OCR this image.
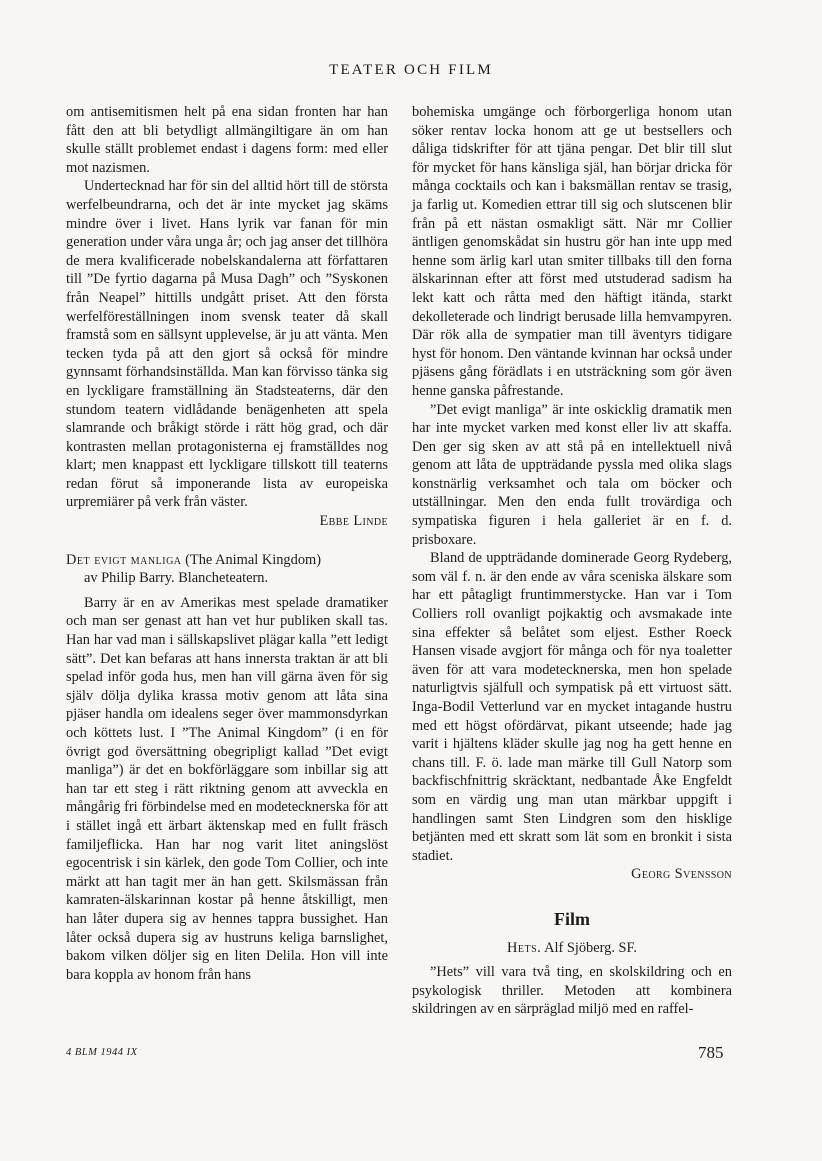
TEATER OCH FILM

om antisemitismen helt på ena sidan fronten har han fått den att bli betydligt allmängiltigare än om han skulle ställt problemet endast i dagens form: med eller mot nazismen.

Undertecknad har för sin del alltid hört till de största werfelbeundrarna, och det är inte mycket jag skäms mindre över i livet. Hans lyrik var fanan för min generation under våra unga år; och jag anser det tillhöra de mera kvalificerade nobelskandalerna att författaren till ”De fyrtio dagarna på Musa Dagh” och ”Syskonen från Neapel” hittills undgått priset. Att den första werfelföreställningen inom svensk teater då skall framstå som en sällsynt upplevelse, är ju att vänta. Men tecken tyda på att den gjort så också för mindre gynnsamt förhandsinställda. Man kan förvisso tänka sig en lyckligare framställning än Stadsteaterns, där den stundom teatern vidlådande benägenheten att spela slamrande och bråkigt störde i rätt hög grad, och där kontrasten mellan protagonisterna ej framställdes nog klart; men knappast ett lyckligare tillskott till teaterns redan förut så imponerande lista av europeiska urpremiärer på verk från väster.

Ebbe Linde

Det evigt manliga (The Animal Kingdom)
av Philip Barry. Blancheteatern.

Barry är en av Amerikas mest spelade dramatiker och man ser genast att han vet hur publiken skall tas. Han har vad man i sällskapslivet plägar kalla ”ett ledigt sätt”. Det kan befaras att hans innersta traktan är att bli spelad inför goda hus, men han vill gärna även för sig själv dölja dylika krassa motiv genom att låta sina pjäser handla om idealens seger över mammonsdyrkan och köttets lust. I ”The Animal Kingdom” (i en för övrigt god översättning obegripligt kallad ”Det evigt manliga”) är det en bokförläggare som inbillar sig att han tar ett steg i rätt riktning genom att avveckla en mångårig fri förbindelse med en modetecknerska för att i stället ingå ett ärbart äktenskap med en fullt fräsch familjeflicka. Han har nog varit litet aningslöst egocentrisk i sin kärlek, den gode Tom Collier, och inte märkt att han tagit mer än han gett. Skilsmässan från kamraten-älskarinnan kostar på henne åtskilligt, men han låter dupera sig av hennes tappra bussighet. Han låter också dupera sig av hustruns keliga barnslighet, bakom vilken döljer sig en liten Delila. Hon vill inte bara koppla av honom från hans

bohemiska umgänge och förborgerliga honom utan söker rentav locka honom att ge ut bestsellers och dåliga tidskrifter för att tjäna pengar. Det blir till slut för mycket för hans känsliga själ, han börjar dricka för många cocktails och kan i baksmällan rentav se trasig, ja farlig ut. Komedien ettrar till sig och slutscenen blir från på ett nästan osmakligt sätt. När mr Collier äntligen genomskådat sin hustru gör han inte upp med henne som ärlig karl utan smiter tillbaks till den forna älskarinnan efter att först med utstuderad sadism ha lekt katt och råtta med den häftigt itända, starkt dekolleterade och lindrigt berusade lilla hemvampyren. Där rök alla de sympatier man till äventyrs tidigare hyst för honom. Den väntande kvinnan har också under pjäsens gång förädlats i en utsträckning som gör även henne ganska påfrestande.

”Det evigt manliga” är inte oskicklig dramatik men har inte mycket varken med konst eller liv att skaffa. Den ger sig sken av att stå på en intellektuell nivå genom att låta de uppträdande pyssla med olika slags konstnärlig verksamhet och tala om böcker och utställningar. Men den enda fullt trovärdiga och sympatiska figuren i hela galleriet är en f. d. prisboxare.

Bland de uppträdande dominerade Georg Rydeberg, som väl f. n. är den ende av våra sceniska älskare som har ett påtagligt fruntimmerstycke. Han var i Tom Colliers roll ovanligt pojkaktig och avsmakade inte sina effekter så belåtet som eljest. Esther Roeck Hansen visade avgjort för många och för nya toaletter även för att vara modetecknerska, men hon spelade naturligtvis själfull och sympatisk på ett virtuost sätt. Inga-Bodil Vetterlund var en mycket intagande hustru med ett högst ofördärvat, pikant utseende; hade jag varit i hjältens kläder skulle jag nog ha gett henne en chans till. F. ö. lade man märke till Gull Natorp som backfischfnittrig skräcktant, nedbantade Åke Engfeldt som en värdig ung man utan märkbar uppgift i handlingen samt Sten Lindgren som den hisklige betjänten med ett skratt som lät som en bronkit i sista stadiet.

Georg Svensson

Film
Hets. Alf Sjöberg. SF.

”Hets” vill vara två ting, en skolskildring och en psykologisk thriller. Metoden att kombinera skildringen av en särpräglad miljö med en raffel-

4 BLM 1944 IX	785
